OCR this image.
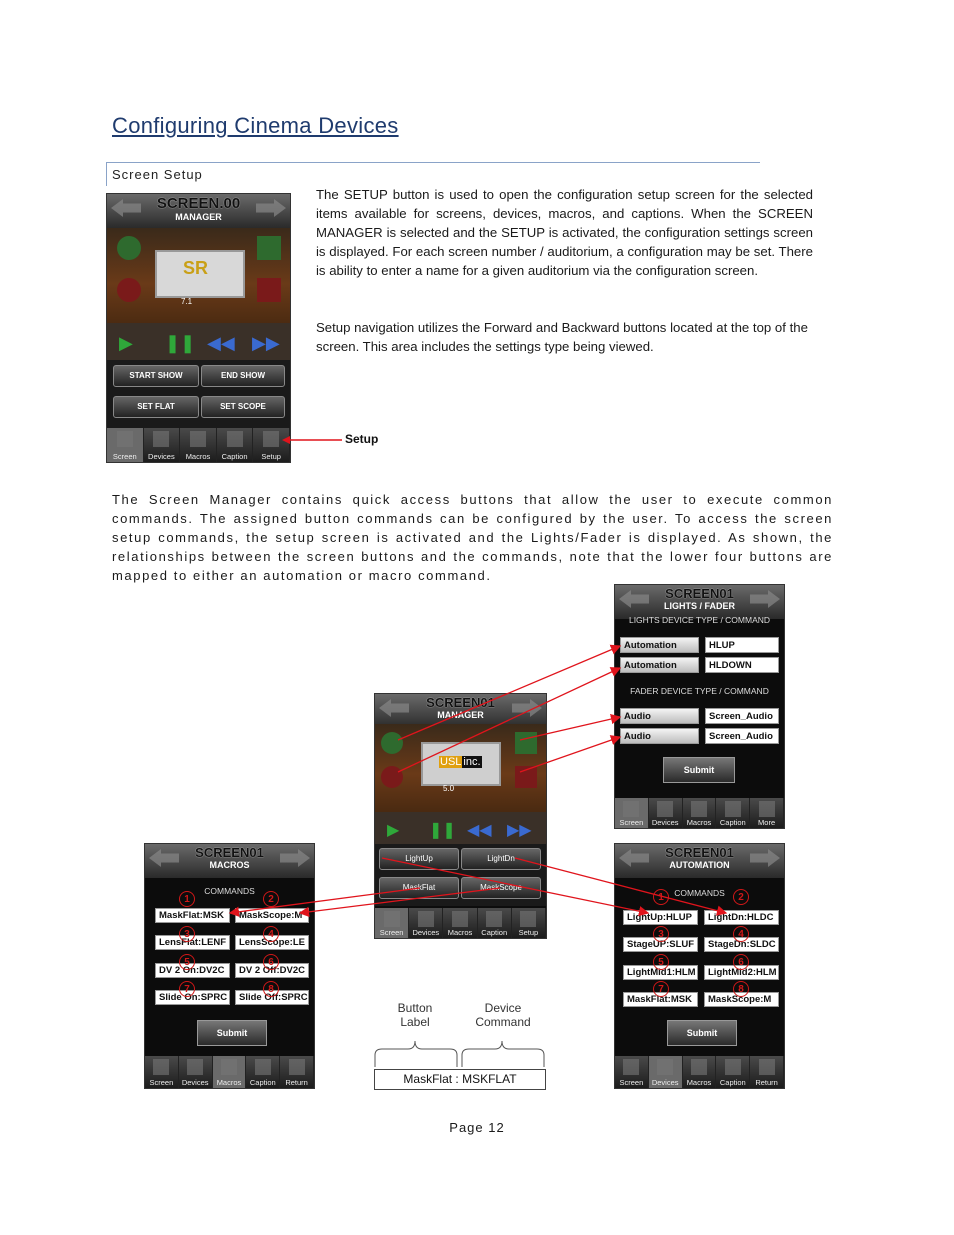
Configuring Cinema Devices
Screen Setup
The SETUP button is used to open the configuration setup screen for the selected items available for screens, devices, macros, and captions. When the SCREEN MANAGER is selected and the SETUP is activated, the configuration settings screen is displayed. For each screen number / auditorium, a configuration may be set. There is ability to enter a name for a given auditorium via the configuration screen.
Setup navigation utilizes the Forward and Backward buttons located at the top of the screen. This area includes the settings type being viewed.
SCREEN.00
MANAGER
SR
7.1
▶ ❚❚ ◀◀ ▶▶
START SHOW	END SHOW
SET FLAT	SET SCOPE
Screen	Devices	Macros	Caption	Setup
Setup
The Screen Manager contains quick access buttons that allow the user to execute common commands. The assigned button commands can be configured by the user. To access the screen setup commands, the setup screen is activated and the Lights/Fader is displayed. As shown, the relationships between the screen buttons and the commands, note that the lower four buttons are mapped to either an automation or macro command.
SCREEN01
LIGHTS / FADER
LIGHTS DEVICE TYPE / COMMAND
Automation	HLUP
Automation	HLDOWN
FADER DEVICE TYPE / COMMAND
Audio	Screen_Audio
Audio	Screen_Audio
Submit
Screen	Devices	Macros	Caption	More
SCREEN01
MANAGER
USL inc.
5.0
▶ ❚❚ ◀◀ ▶▶
LightUp	LightDn
MaskFlat	MaskScope
Screen	Devices	Macros	Caption	Setup
SCREEN01
MACROS
COMMANDS
MaskFlat:MSK	MaskScope:M
LensFlat:LENF	LensScope:LE
DV 2 On:DV2C	DV 2 Off:DV2C
Slide On:SPRC	Slide Off:SPRC
1	2
3	4
5	6
7	8
Submit
Screen	Devices	Macros	Caption	Return
SCREEN01
AUTOMATION
COMMANDS
LightUp:HLUP	LightDn:HLDC
StageUP:SLUF	StageDn:SLDC
LightMid1:HLM	LightMid2:HLM
MaskFlat:MSK	MaskScope:M
1	2
3	4
5	6
7	8
Submit
Screen	Devices	Macros	Caption	Return
Button
Label
Device
Command
MaskFlat : MSKFLAT
Page 12
